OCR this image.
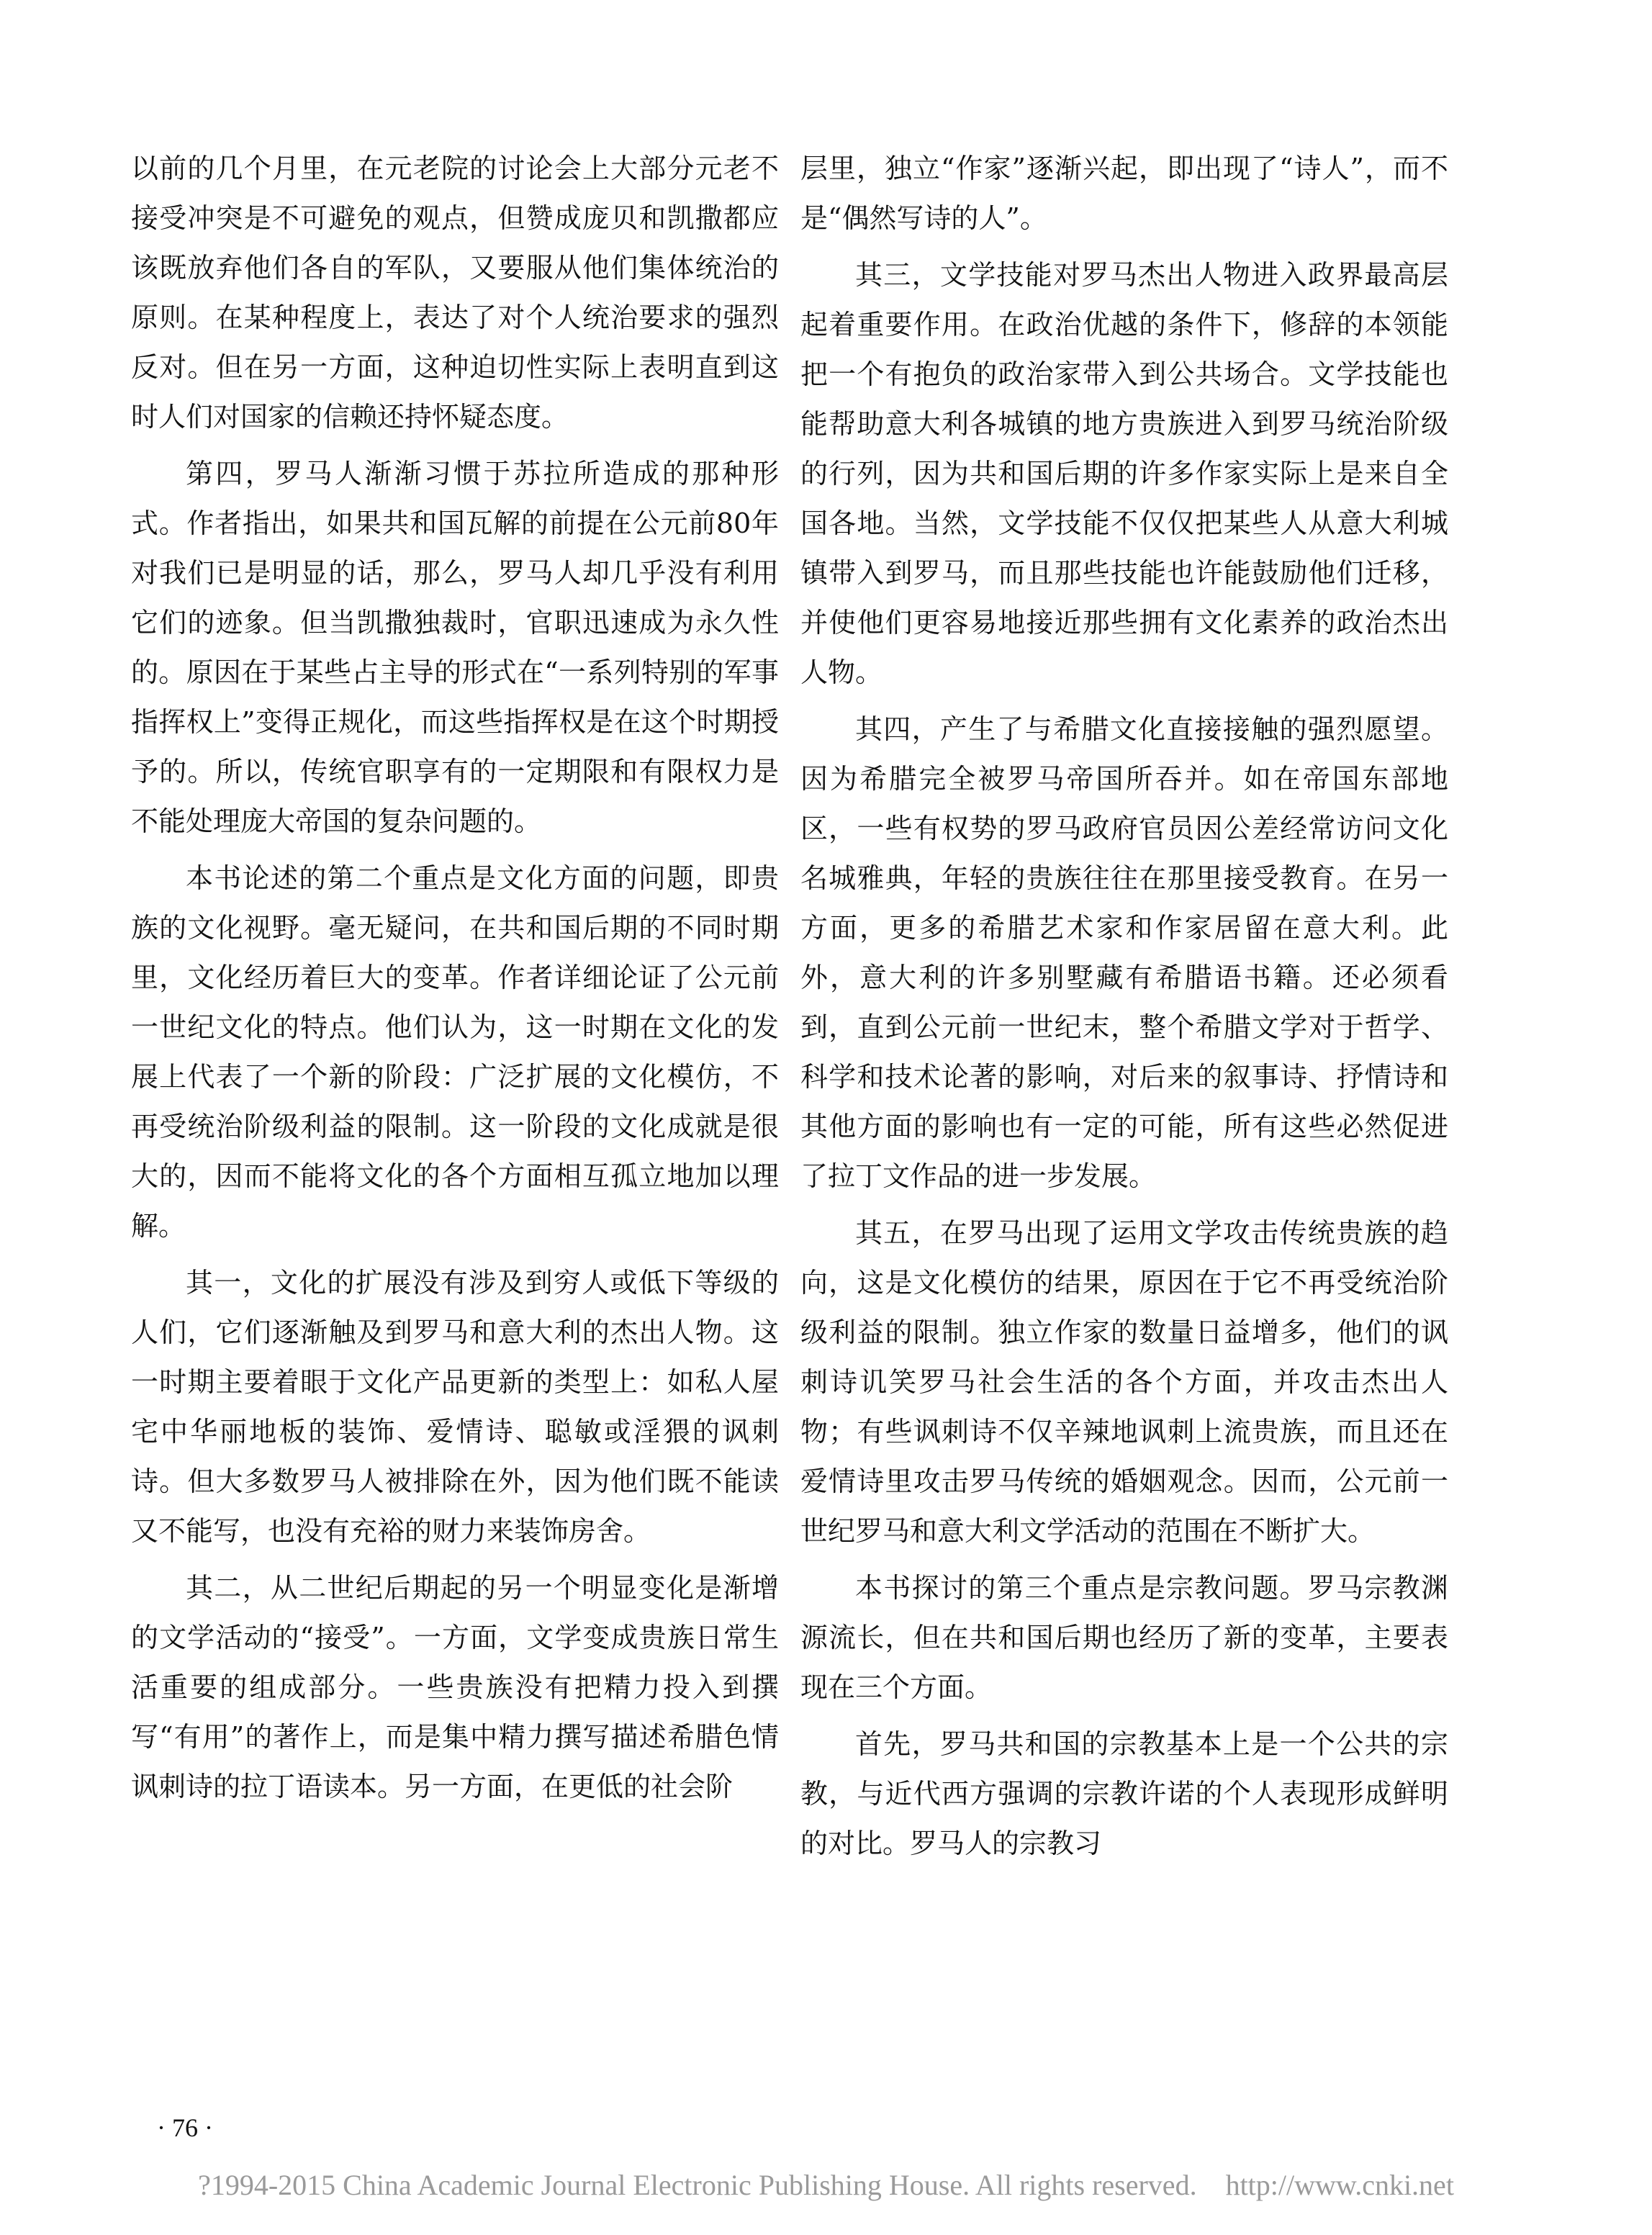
以前的几个月里，在元老院的讨论会上大部分元老不接受冲突是不可避免的观点，但赞成庞贝和凯撒都应该既放弃他们各自的军队，又要服从他们集体统治的原则。在某种程度上，表达了对个人统治要求的强烈反对。但在另一方面，这种迫切性实际上表明直到这时人们对国家的信赖还持怀疑态度。

第四，罗马人渐渐习惯于苏拉所造成的那种形式。作者指出，如果共和国瓦解的前提在公元前80年对我们已是明显的话，那么，罗马人却几乎没有利用它们的迹象。但当凯撒独裁时，官职迅速成为永久性的。原因在于某些占主导的形式在“一系列特别的军事指挥权上”变得正规化，而这些指挥权是在这个时期授予的。所以，传统官职享有的一定期限和有限权力是不能处理庞大帝国的复杂问题的。

本书论述的第二个重点是文化方面的问题，即贵族的文化视野。毫无疑问，在共和国后期的不同时期里，文化经历着巨大的变革。作者详细论证了公元前一世纪文化的特点。他们认为，这一时期在文化的发展上代表了一个新的阶段：广泛扩展的文化模仿，不再受统治阶级利益的限制。这一阶段的文化成就是很大的，因而不能将文化的各个方面相互孤立地加以理解。

其一，文化的扩展没有涉及到穷人或低下等级的人们，它们逐渐触及到罗马和意大利的杰出人物。这一时期主要着眼于文化产品更新的类型上：如私人屋宅中华丽地板的装饰、爱情诗、聪敏或淫猥的讽刺诗。但大多数罗马人被排除在外，因为他们既不能读又不能写，也没有充裕的财力来装饰房舍。

其二，从二世纪后期起的另一个明显变化是渐增的文学活动的“接受”。一方面，文学变成贵族日常生活重要的组成部分。一些贵族没有把精力投入到撰写“有用”的著作上，而是集中精力撰写描述希腊色情讽刺诗的拉丁语读本。另一方面，在更低的社会阶

层里，独立“作家”逐渐兴起，即出现了“诗人”，而不是“偶然写诗的人”。

其三，文学技能对罗马杰出人物进入政界最高层起着重要作用。在政治优越的条件下，修辞的本领能把一个有抱负的政治家带入到公共场合。文学技能也能帮助意大利各城镇的地方贵族进入到罗马统治阶级的行列，因为共和国后期的许多作家实际上是来自全国各地。当然，文学技能不仅仅把某些人从意大利城镇带入到罗马，而且那些技能也许能鼓励他们迁移，并使他们更容易地接近那些拥有文化素养的政治杰出人物。

其四，产生了与希腊文化直接接触的强烈愿望。因为希腊完全被罗马帝国所吞并。如在帝国东部地区，一些有权势的罗马政府官员因公差经常访问文化名城雅典，年轻的贵族往往在那里接受教育。在另一方面，更多的希腊艺术家和作家居留在意大利。此外，意大利的许多别墅藏有希腊语书籍。还必须看到，直到公元前一世纪末，整个希腊文学对于哲学、科学和技术论著的影响，对后来的叙事诗、抒情诗和其他方面的影响也有一定的可能，所有这些必然促进了拉丁文作品的进一步发展。

其五，在罗马出现了运用文学攻击传统贵族的趋向，这是文化模仿的结果，原因在于它不再受统治阶级利益的限制。独立作家的数量日益增多，他们的讽刺诗讥笑罗马社会生活的各个方面，并攻击杰出人物；有些讽刺诗不仅辛辣地讽刺上流贵族，而且还在爱情诗里攻击罗马传统的婚姻观念。因而，公元前一世纪罗马和意大利文学活动的范围在不断扩大。

本书探讨的第三个重点是宗教问题。罗马宗教渊源流长，但在共和国后期也经历了新的变革，主要表现在三个方面。

首先，罗马共和国的宗教基本上是一个公共的宗教，与近代西方强调的宗教许诺的个人表现形成鲜明的对比。罗马人的宗教习

· 76 ·
?1994-2015 China Academic Journal Electronic Publishing House. All rights reserved.    http://www.cnki.net
